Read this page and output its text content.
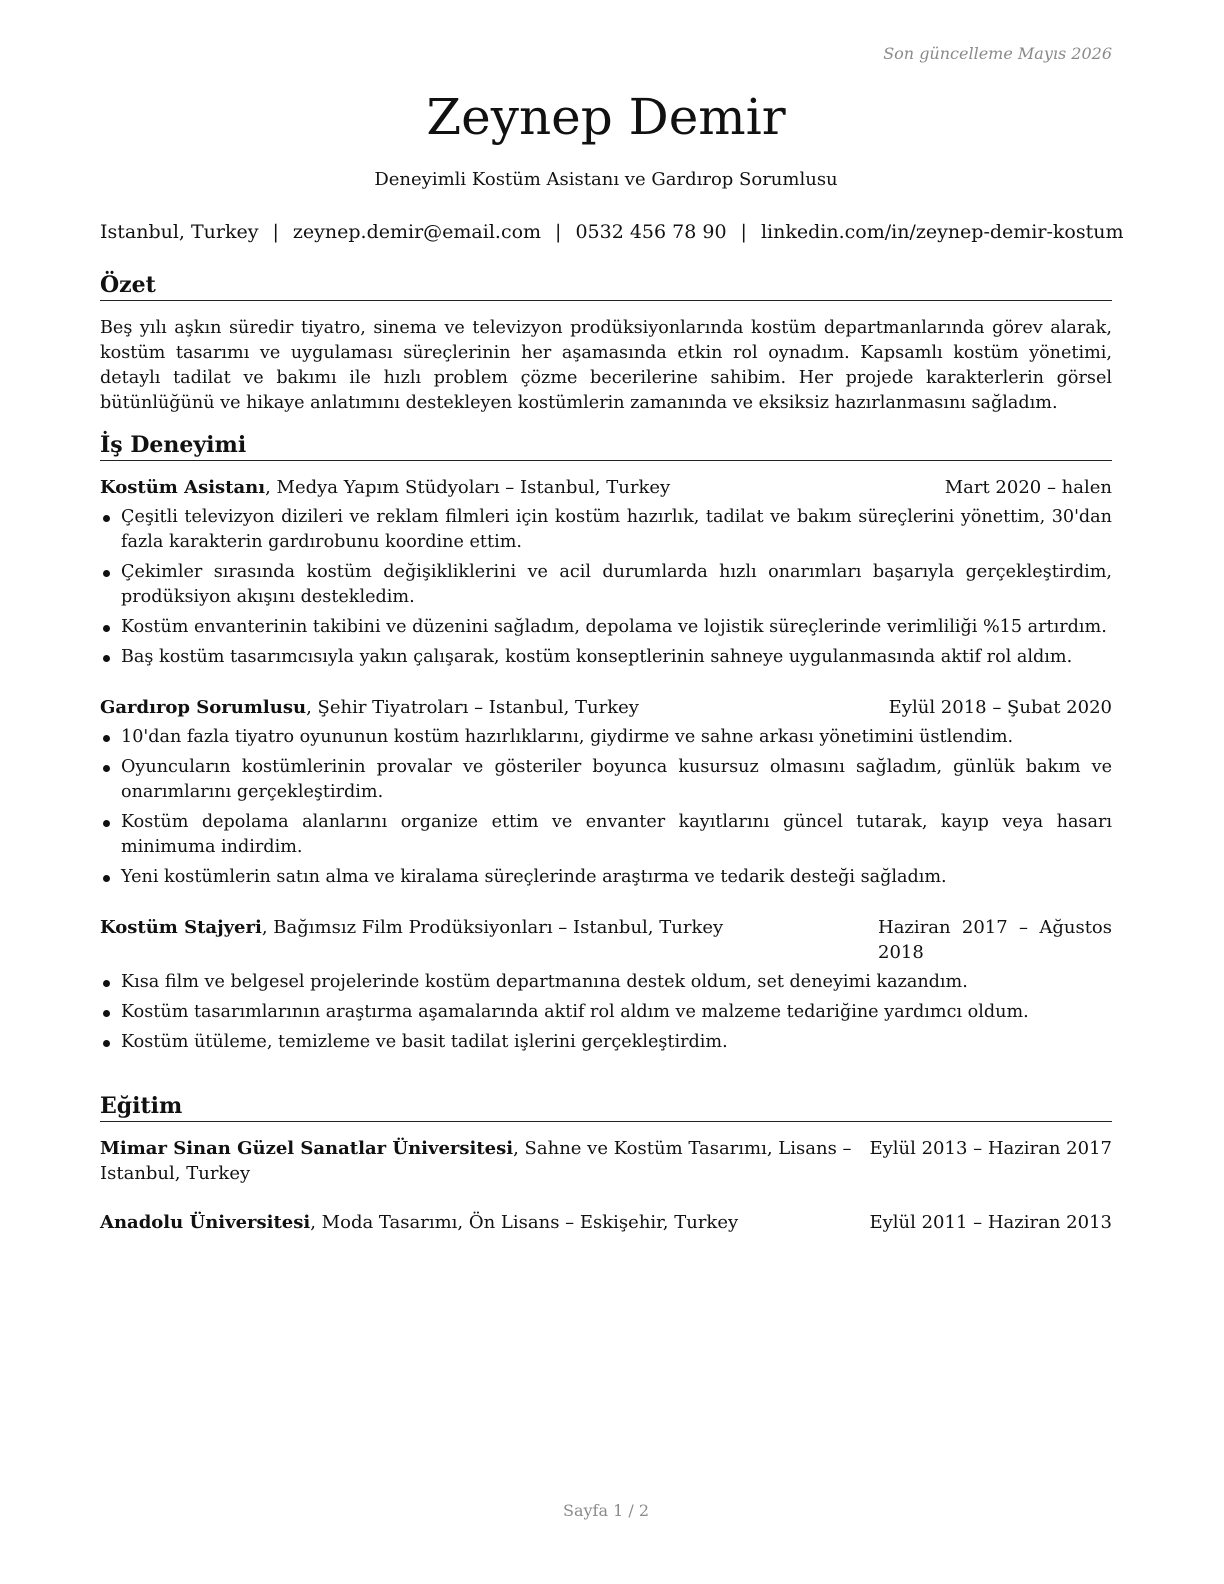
Son güncelleme Mayıs 2026
Zeynep Demir
Deneyimli Kostüm Asistanı ve Gardırop Sorumlusu
Istanbul, Turkey | zeynep.demir@email.com | 0532 456 78 90 | linkedin.com/in/zeynep-demir-kostum
Özet

Beş yılı aşkın süredir tiyatro, sinema ve televizyon prodüksiyonlarında kostüm departmanlarında görev alarak, kostüm tasarımı ve uygulaması süreçlerinin her aşamasında etkin rol oynadım. Kapsamlı kostüm yönetimi, detaylı tadilat ve bakımı ile hızlı problem çözme becerilerine sahibim. Her projede karakterlerin görsel bütünlüğünü ve hikaye anlatımını destekleyen kostümlerin zamanında ve eksiksiz hazırlanmasını sağladım.

İş Deneyimi
Kostüm Asistanı, Medya Yapım Stüdyoları – Istanbul, Turkey	Mart 2020 – halen
Çeşitli televizyon dizileri ve reklam filmleri için kostüm hazırlık, tadilat ve bakım süreçlerini yönettim, 30'dan fazla karakterin gardırobunu koordine ettim.
Çekimler sırasında kostüm değişikliklerini ve acil durumlarda hızlı onarımları başarıyla gerçekleştirdim, prodüksiyon akışını destekledim.
Kostüm envanterinin takibini ve düzenini sağladım, depolama ve lojistik süreçlerinde verimliliği %15 artırdım.
Baş kostüm tasarımcısıyla yakın çalışarak, kostüm konseptlerinin sahneye uygulanmasında aktif rol aldım.
Gardırop Sorumlusu, Şehir Tiyatroları – Istanbul, Turkey	Eylül 2018 – Şubat 2020
10'dan fazla tiyatro oyununun kostüm hazırlıklarını, giydirme ve sahne arkası yönetimini üstlendim.
Oyuncuların kostümlerinin provalar ve gösteriler boyunca kusursuz olmasını sağladım, günlük bakım ve onarımlarını gerçekleştirdim.
Kostüm depolama alanlarını organize ettim ve envanter kayıtlarını güncel tutarak, kayıp veya hasarı minimuma indirdim.
Yeni kostümlerin satın alma ve kiralama süreçlerinde araştırma ve tedarik desteği sağladım.
Kostüm Stajyeri, Bağımsız Film Prodüksiyonları – Istanbul, Turkey	Haziran 2017 – Ağustos 2018
Kısa film ve belgesel projelerinde kostüm departmanına destek oldum, set deneyimi kazandım.
Kostüm tasarımlarının araştırma aşamalarında aktif rol aldım ve malzeme tedariğine yardımcı oldum.
Kostüm ütüleme, temizleme ve basit tadilat işlerini gerçekleştirdim.
Eğitim
Mimar Sinan Güzel Sanatlar Üniversitesi, Sahne ve Kostüm Tasarımı, Lisans – Istanbul, Turkey
Eylül 2013 – Haziran 2017
Anadolu Üniversitesi, Moda Tasarımı, Ön Lisans – Eskişehir, Turkey	Eylül 2011 – Haziran 2013
Sayfa 1 / 2
